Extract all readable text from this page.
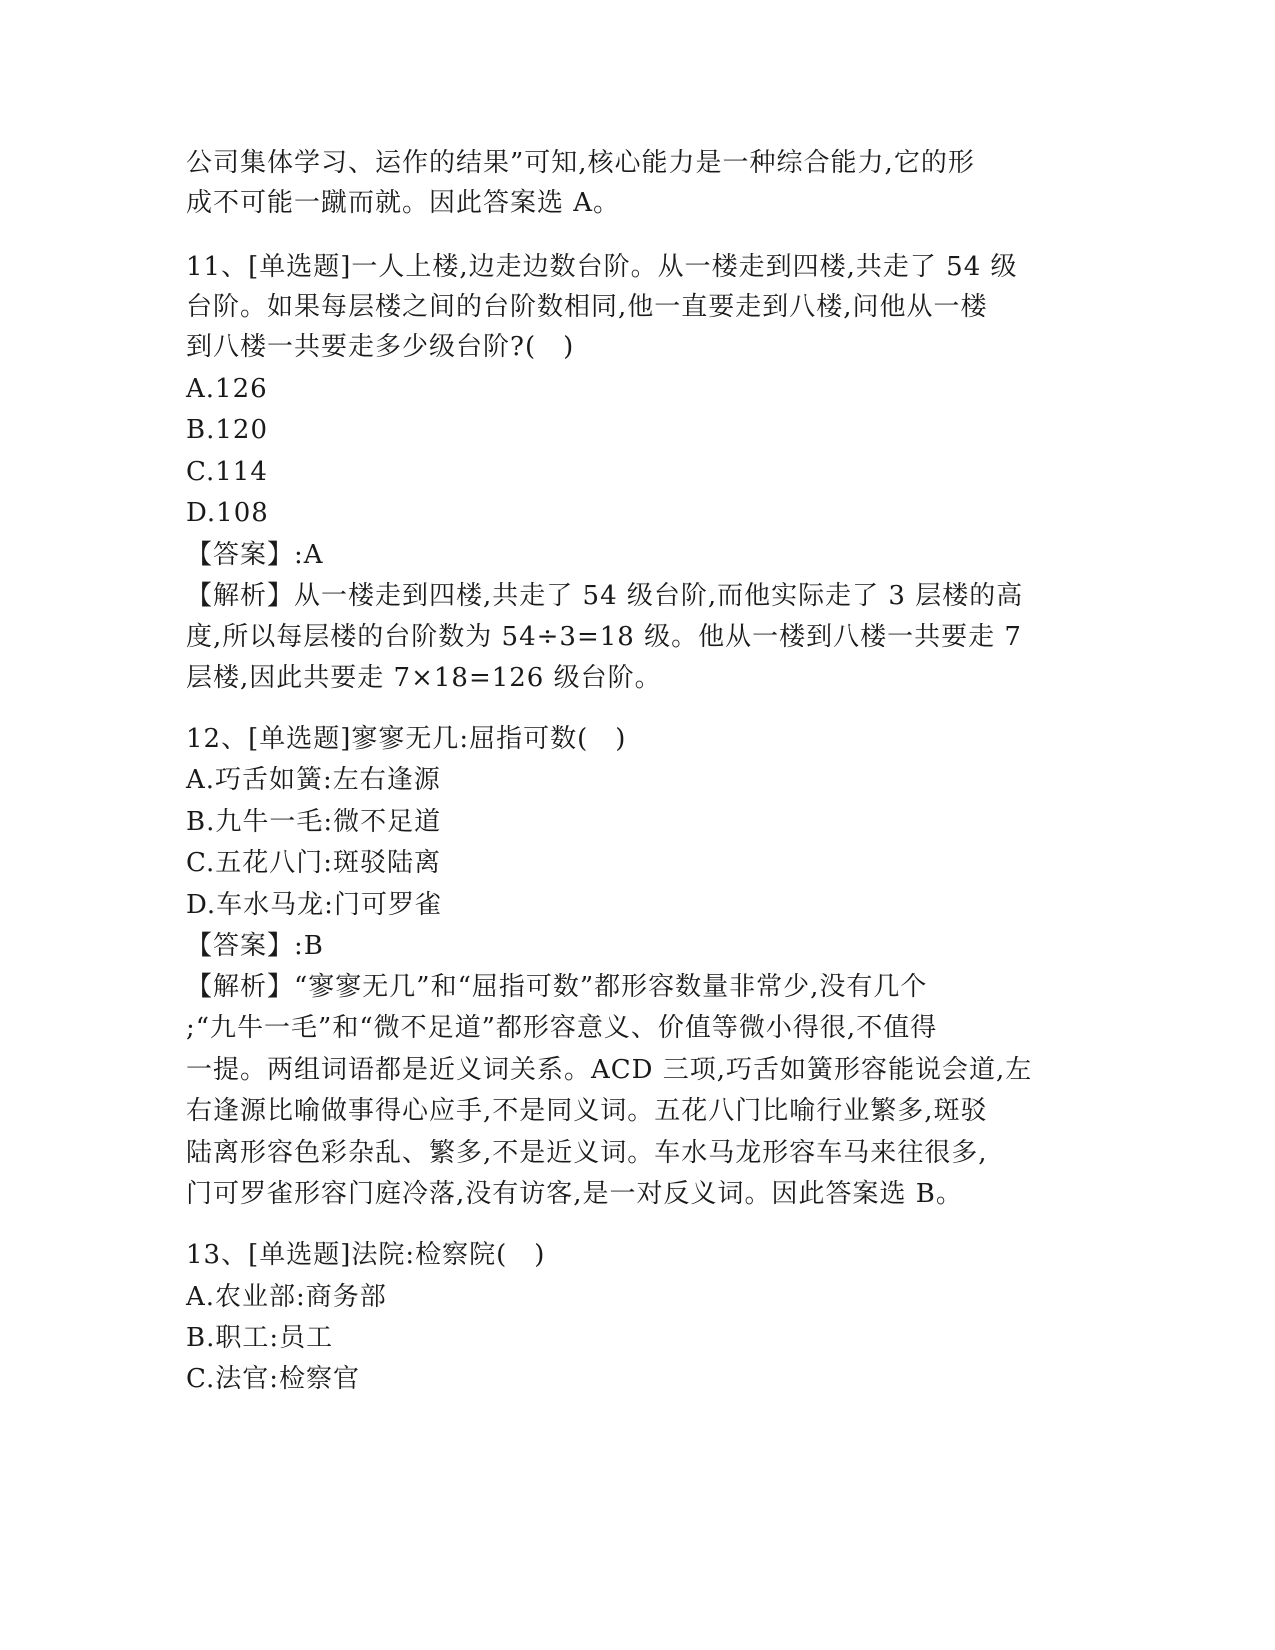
公司集体学习、运作的结果”可知,核心能力是一种综合能力,它的形
成不可能一蹴而就。因此答案选 A。
11、[单选题]一人上楼,边走边数台阶。从一楼走到四楼,共走了 54 级
台阶。如果每层楼之间的台阶数相同,他一直要走到八楼,问他从一楼
到八楼一共要走多少级台阶?(　)
A.126
B.120
C.114
D.108
【答案】:A
【解析】从一楼走到四楼,共走了 54 级台阶,而他实际走了 3 层楼的高
度,所以每层楼的台阶数为 54÷3=18 级。他从一楼到八楼一共要走 7
层楼,因此共要走 7×18=126 级台阶。
12、[单选题]寥寥无几:屈指可数(　)
A.巧舌如簧:左右逢源
B.九牛一毛:微不足道
C.五花八门:斑驳陆离
D.车水马龙:门可罗雀
【答案】:B
【解析】“寥寥无几”和“屈指可数”都形容数量非常少,没有几个
;“九牛一毛”和“微不足道”都形容意义、价值等微小得很,不值得
一提。两组词语都是近义词关系。ACD 三项,巧舌如簧形容能说会道,左
右逢源比喻做事得心应手,不是同义词。五花八门比喻行业繁多,斑驳
陆离形容色彩杂乱、繁多,不是近义词。车水马龙形容车马来往很多,
门可罗雀形容门庭冷落,没有访客,是一对反义词。因此答案选 B。
13、[单选题]法院:检察院(　)
A.农业部:商务部
B.职工:员工
C.法官:检察官
